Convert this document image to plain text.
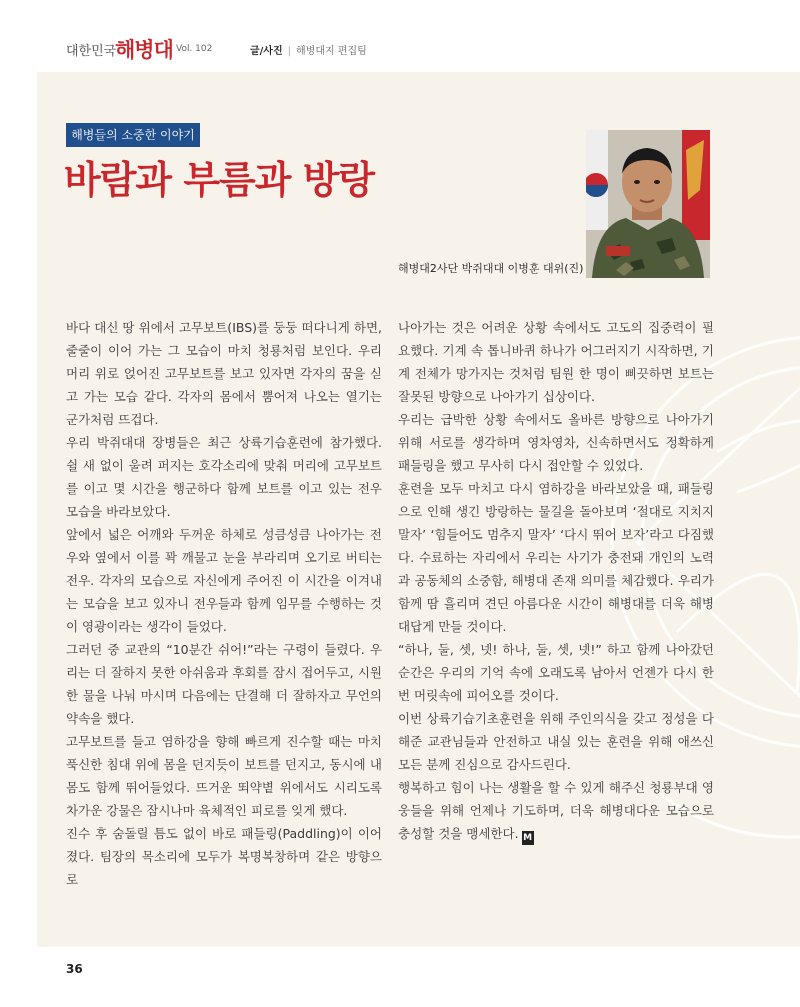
대한민국
해병대 Vol. 102	글/사진 | 해병대지 편집팀
해병들의 소중한 이야기
바람과 부름과 방랑
해병대2사단 박쥐대대 이병훈 대위(진)

바다 대신 땅 위에서 고무보트(IBS)를 둥둥 떠다니게 하면, 줄줄이 이어 가는 그 모습이 마치 청룡처럼 보인다. 우리 머리 위로 얹어진 고무보트를 보고 있자면 각자의 꿈을 싣고 가는 모습 같다. 각자의 몸에서 뿜어져 나오는 열기는 군가처럼 뜨겁다.

우리 박쥐대대 장병들은 최근 상륙기습훈련에 참가했다. 쉴 새 없이 울려 퍼지는 호각소리에 맞춰 머리에 고무보트를 이고 몇 시간을 행군하다 함께 보트를 이고 있는 전우 모습을 바라보았다.

앞에서 넓은 어깨와 두꺼운 하체로 성큼성큼 나아가는 전우와 옆에서 이를 꽉 깨물고 눈을 부라리며 오기로 버티는 전우. 각자의 모습으로 자신에게 주어진 이 시간을 이겨내는 모습을 보고 있자니 전우들과 함께 임무를 수행하는 것이 영광이라는 생각이 들었다.

그러던 중 교관의 “10분간 쉬어!”라는 구령이 들렸다. 우리는 더 잘하지 못한 아쉬움과 후회를 잠시 접어두고, 시원한 물을 나눠 마시며 다음에는 단결해 더 잘하자고 무언의 약속을 했다.

고무보트를 들고 염하강을 향해 빠르게 진수할 때는 마치 푹신한 침대 위에 몸을 던지듯이 보트를 던지고, 동시에 내 몸도 함께 뛰어들었다. 뜨거운 뙤약볕 위에서도 시리도록 차가운 강물은 잠시나마 육체적인 피로를 잊게 했다.

진수 후 숨돌릴 틈도 없이 바로 패들링(Paddling)이 이어졌다. 팀장의 목소리에 모두가 복명복창하며 같은 방향으로

나아가는 것은 어려운 상황 속에서도 고도의 집중력이 필요했다. 기계 속 톱니바퀴 하나가 어그러지기 시작하면, 기계 전체가 망가지는 것처럼 팀원 한 명이 삐끗하면 보트는 잘못된 방향으로 나아가기 십상이다.

우리는 급박한 상황 속에서도 올바른 방향으로 나아가기 위해 서로를 생각하며 영차영차, 신속하면서도 정확하게 패들링을 했고 무사히 다시 접안할 수 있었다.

훈련을 모두 마치고 다시 염하강을 바라보았을 때, 패들링으로 인해 생긴 방랑하는 물길을 돌아보며 ‘절대로 지치지 말자’ ‘힘들어도 멈추지 말자’ ‘다시 뛰어 보자’라고 다짐했다. 수료하는 자리에서 우리는 사기가 충전돼 개인의 노력과 공동체의 소중함, 해병대 존재 의미를 체감했다. 우리가 함께 땀 흘리며 견딘 아름다운 시간이 해병대를 더욱 해병대답게 만들 것이다.

“하나, 둘, 셋, 넷! 하나, 둘, 셋, 넷!” 하고 함께 나아갔던 순간은 우리의 기억 속에 오래도록 남아서 언젠가 다시 한 번 머릿속에 피어오를 것이다.

이번 상륙기습기초훈련을 위해 주인의식을 갖고 정성을 다해준 교관님들과 안전하고 내실 있는 훈련을 위해 애쓰신 모든 분께 진심으로 감사드린다.

행복하고 힘이 나는 생활을 할 수 있게 해주신 청룡부대 영웅들을 위해 언제나 기도하며, 더욱 해병대다운 모습으로 충성할 것을 맹세한다. M

36
